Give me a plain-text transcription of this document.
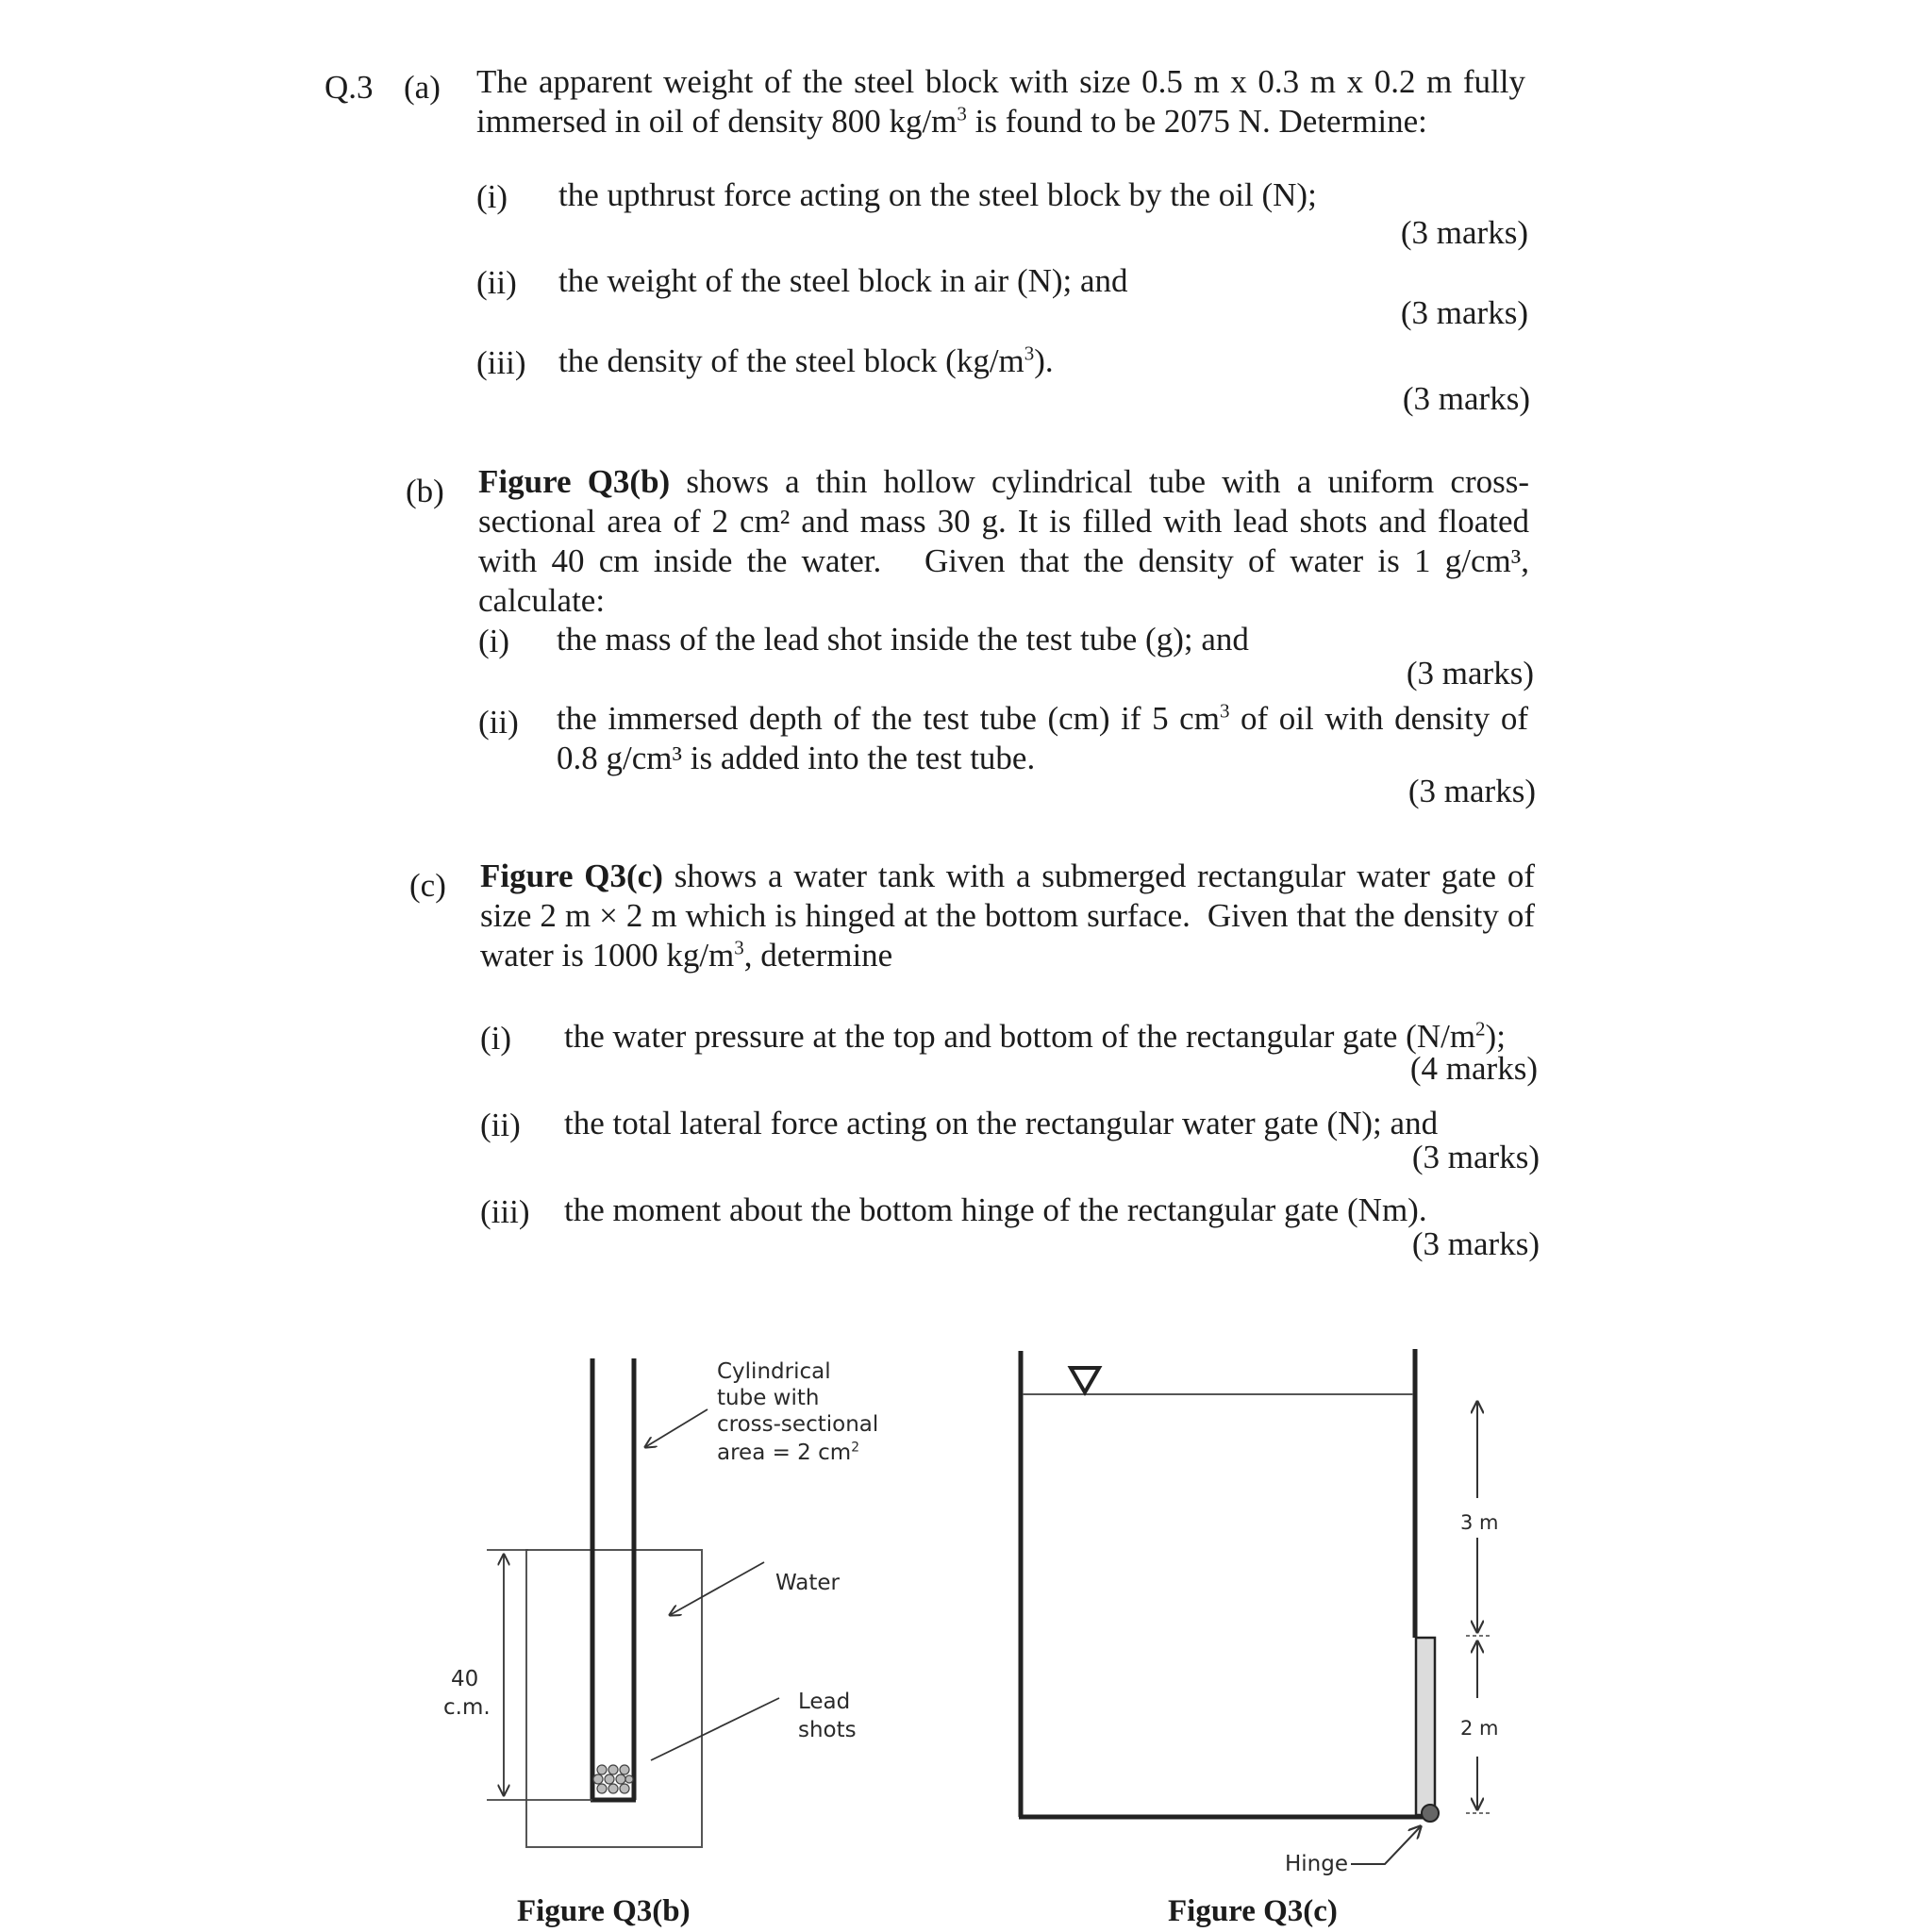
Q.3 (a) The apparent weight of the steel block with size 0.5 m x 0.3 m x 0.2 m fully immersed in oil of density 800 $kg/m^3$ is found to be 2075 N. Determine:
(i) the upthrust force acting on the steel block by the oil (N);
(3 marks)
(ii) the weight of the steel block in air (N); and
(3 marks)
(iii) the density of the steel block $(kg/m^3)$.
(3 marks)
(b) Figure Q3(b) shows a thin hollow cylindrical tube with a uniform cross-sectional area of 2 cm² and mass 30 g. It is filled with lead shots and floated with 40 cm inside the water.   Given that the density of water is 1 g/cm³, calculate:
(i) the mass of the lead shot inside the test tube (g); and
(3 marks)
(ii) the immersed depth of the test tube (cm) if 5 $cm^3$ of oil with density of 0.8 g/cm³ is added into the test tube.
(3 marks)
(c) Figure Q3(c) shows a water tank with a submerged rectangular water gate of size 2 m × 2 m which is hinged at the bottom surface.  Given that the density of water is 1000 $kg/m^3$, determine
(i) the water pressure at the top and bottom of the rectangular gate $(N/m^2)$;
(4 marks)
(ii) the total lateral force acting on the rectangular water gate (N); and
(3 marks)
(iii) the moment about the bottom hinge of the rectangular gate (Nm).
(3 marks)
Cylindrical
tube with
cross-sectional
area = 2 $cm^2$
Water
Lead
shots
40
c.m.
Figure Q3(b)
3 m
2 m
Hinge
Figure Q3(c)
